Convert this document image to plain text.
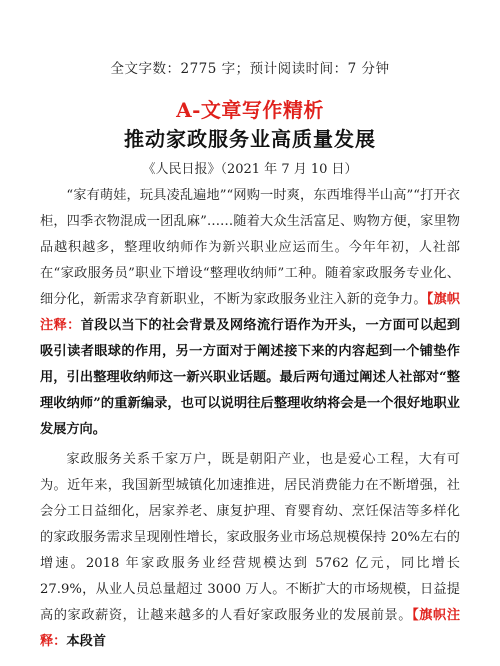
全文字数：2775 字；预计阅读时间：7 分钟
A-文章写作精析
推动家政服务业高质量发展
《人民日报》（2021 年 7 月 10 日）

“家有萌娃，玩具凌乱遍地”“网购一时爽，东西堆得半山高”“打开衣柜，四季衣物混成一团乱麻”……随着大众生活富足、购物方便，家里物品越积越多，整理收纳师作为新兴职业应运而生。今年年初，人社部在“家政服务员”职业下增设“整理收纳师”工种。随着家政服务专业化、细分化，新需求孕育新职业，不断为家政服务业注入新的竞争力。【旗帜注释：首段以当下的社会背景及网络流行语作为开头，一方面可以起到吸引读者眼球的作用，另一方面对于阐述接下来的内容起到一个铺垫作用，引出整理收纳师这一新兴职业话题。最后两句通过阐述人社部对“整理收纳师”的重新编录，也可以说明往后整理收纳将会是一个很好地职业发展方向。

家政服务关系千家万户，既是朝阳产业，也是爱心工程，大有可为。近年来，我国新型城镇化加速推进，居民消费能力在不断增强，社会分工日益细化，居家养老、康复护理、育婴育幼、烹饪保洁等多样化的家政服务需求呈现刚性增长，家政服务业市场总规模保持 20%左右的增速。2018 年家政服务业经营规模达到 5762 亿元，同比增长 27.9%，从业人员总量超过 3000 万人。不断扩大的市场规模，日益提高的家政薪资，让越来越多的人看好家政服务业的发展前景。【旗帜注释：本段首
